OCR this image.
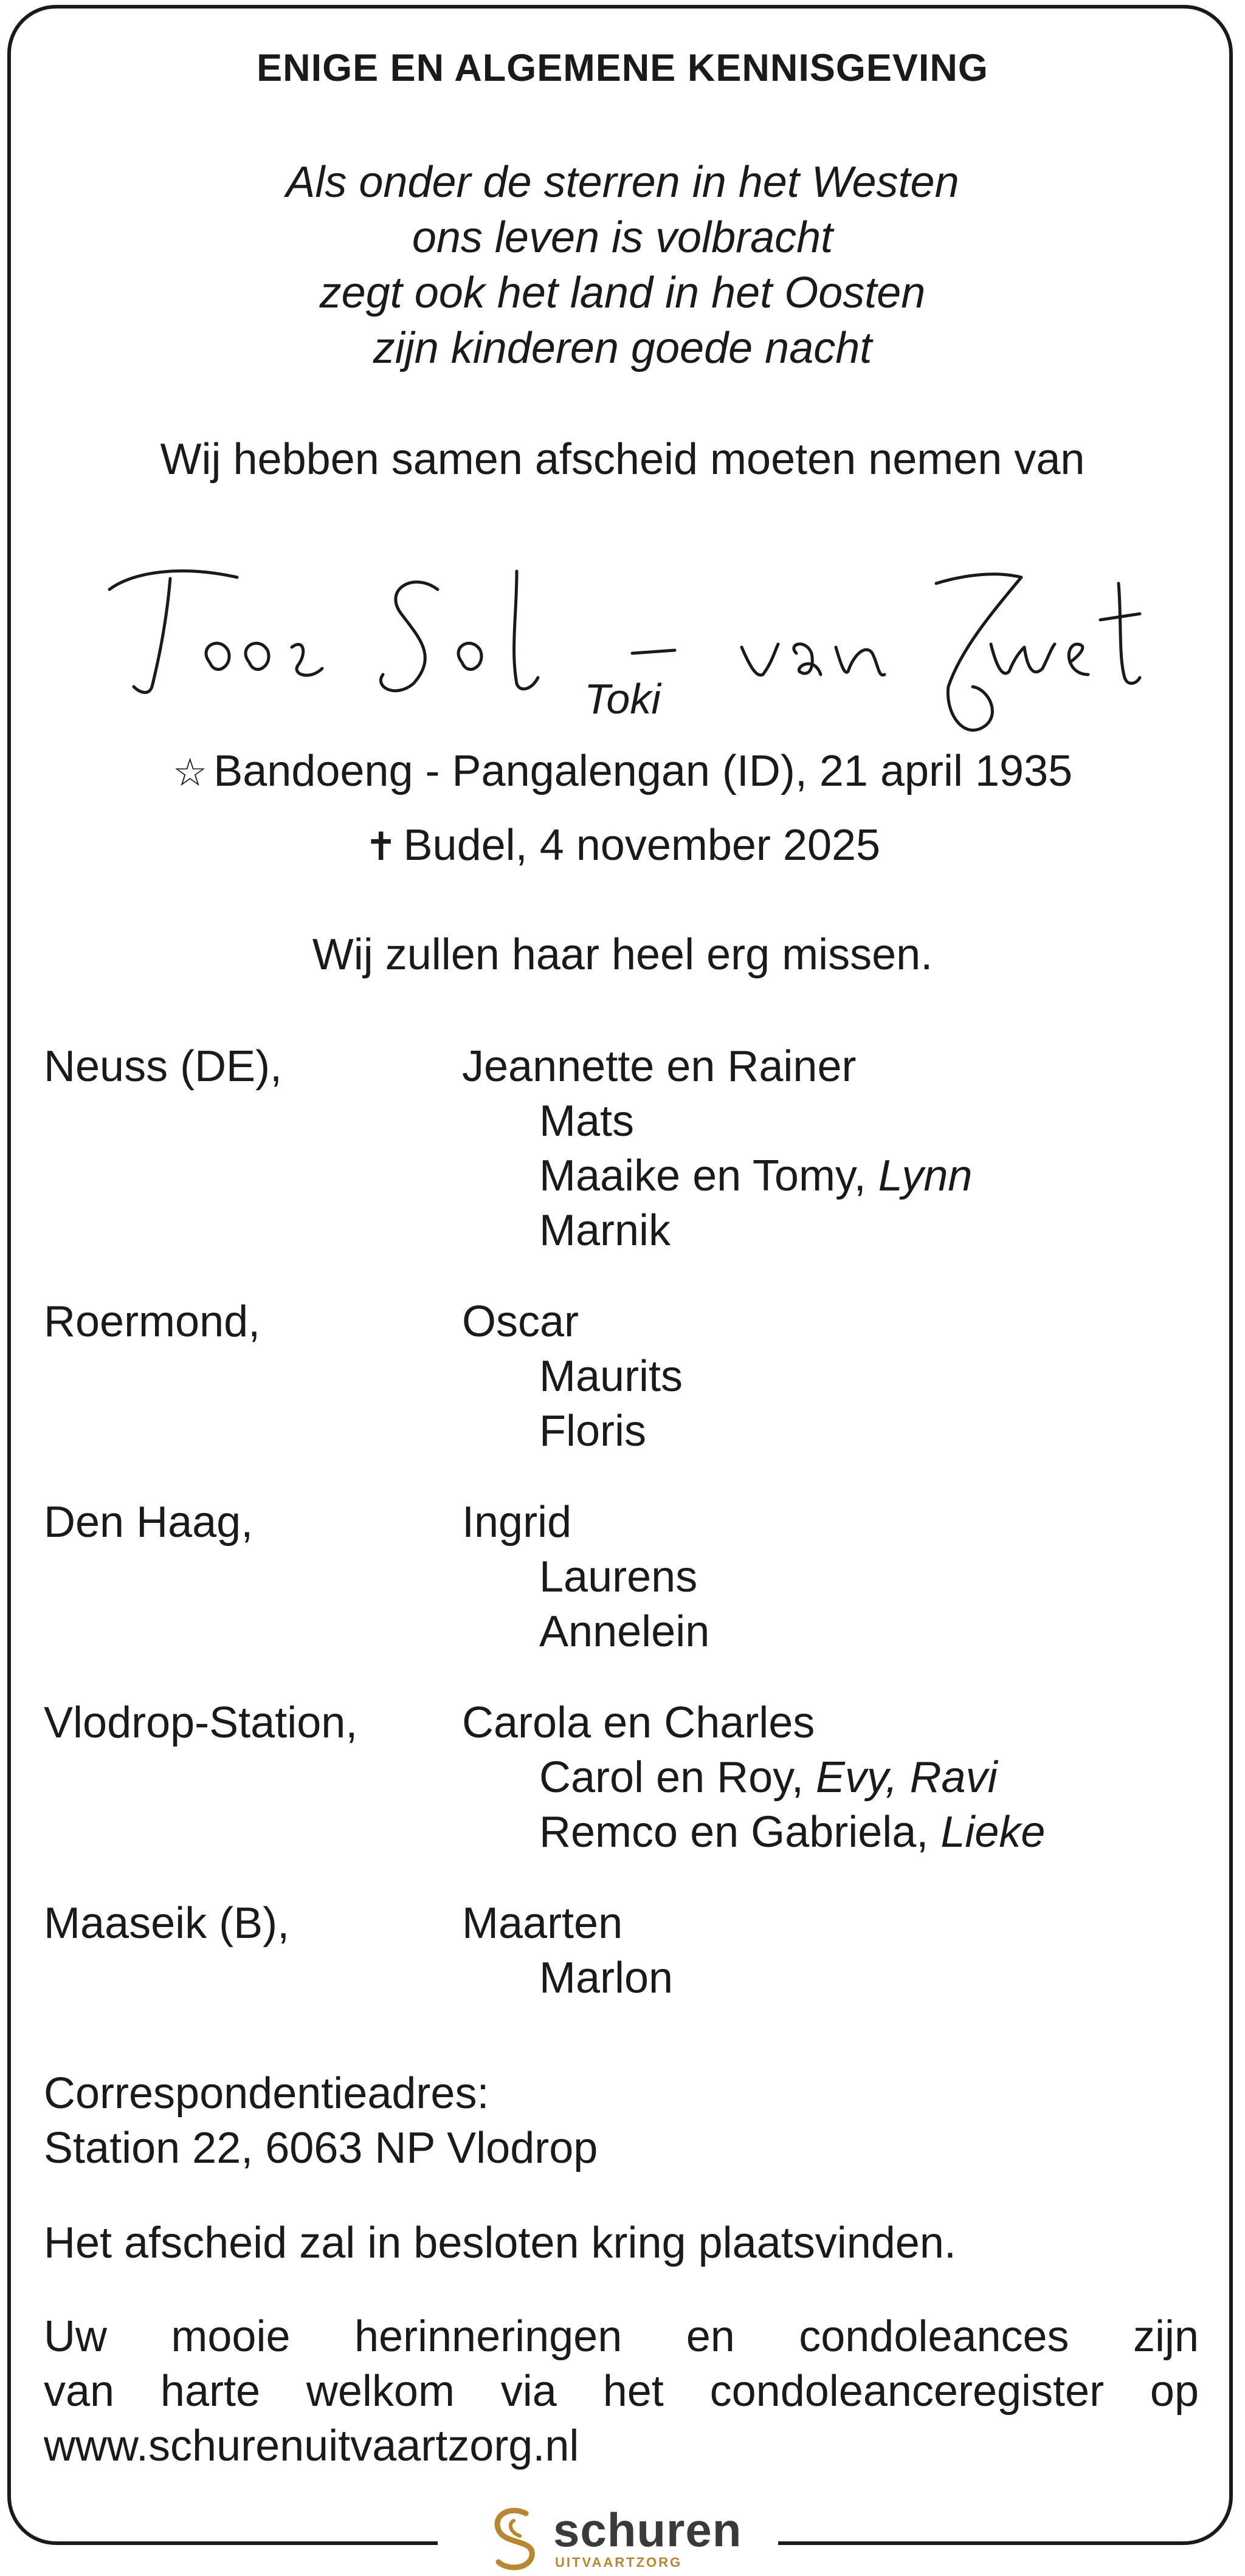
ENIGE EN ALGEMENE KENNISGEVING
Als onder de sterren in het Westen
ons leven is volbracht
zegt ook het land in het Oosten
zijn kinderen goede nacht
Wij hebben samen afscheid moeten nemen van
Toki
☆ Bandoeng - Pangalengan (ID), 21 april 1935
✝ Budel, 4 november 2025
Wij zullen haar heel erg missen.
Neuss (DE),	Jeannette en Rainer
Mats
Maaike en Tomy, Lynn
Marnik
Roermond,	Oscar
Maurits
Floris
Den Haag,	Ingrid
Laurens
Annelein
Vlodrop-Station, Carola en Charles
Carol en Roy, Evy, Ravi
Remco en Gabriela, Lieke
Maaseik (B),	Maarten
Marlon
Correspondentieadres:
Station 22, 6063 NP Vlodrop
Het afscheid zal in besloten kring plaatsvinden.
Uw mooie herinneringen en condoleances zijn
van harte welkom via het condoleanceregister op
www.schurenuitvaartzorg.nl
schuren
UITVAARTZORG
